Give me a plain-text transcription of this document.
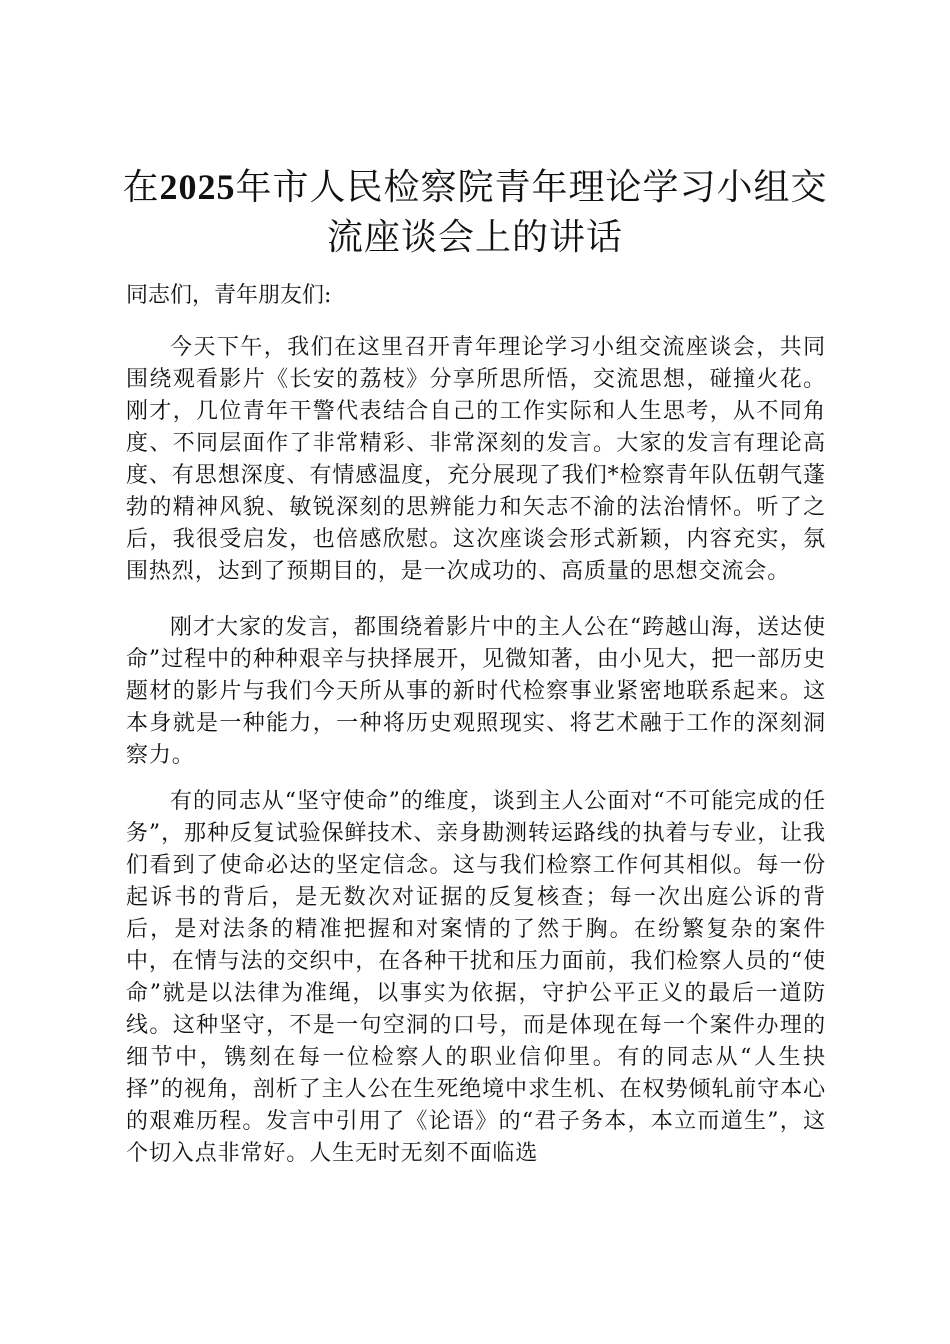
在2025年市人民检察院青年理论学习小组交
流座谈会上的讲话

同志们，青年朋友们:

今天下午，我们在这里召开青年理论学习小组交流座谈会，共同围绕观看影片《长安的荔枝》分享所思所悟，交流思想，碰撞火花。刚才，几位青年干警代表结合自己的工作实际和人生思考，从不同角度、不同层面作了非常精彩、非常深刻的发言。大家的发言有理论高度、有思想深度、有情感温度，充分展现了我们*检察青年队伍朝气蓬勃的精神风貌、敏锐深刻的思辨能力和矢志不渝的法治情怀。听了之后，我很受启发，也倍感欣慰。这次座谈会形式新颖，内容充实，氛围热烈，达到了预期目的，是一次成功的、高质量的思想交流会。

刚才大家的发言，都围绕着影片中的主人公在“跨越山海，送达使命”过程中的种种艰辛与抉择展开，见微知著，由小见大，把一部历史题材的影片与我们今天所从事的新时代检察事业紧密地联系起来。这本身就是一种能力，一种将历史观照现实、将艺术融于工作的深刻洞察力。

有的同志从“坚守使命”的维度，谈到主人公面对“不可能完成的任务”，那种反复试验保鲜技术、亲身勘测转运路线的执着与专业，让我们看到了使命必达的坚定信念。这与我们检察工作何其相似。每一份起诉书的背后，是无数次对证据的反复核查；每一次出庭公诉的背后，是对法条的精准把握和对案情的了然于胸。在纷繁复杂的案件中，在情与法的交织中，在各种干扰和压力面前，我们检察人员的“使命”就是以法律为准绳，以事实为依据，守护公平正义的最后一道防线。这种坚守，不是一句空洞的口号，而是体现在每一个案件办理的细节中，镌刻在每一位检察人的职业信仰里。有的同志从“人生抉择”的视角，剖析了主人公在生死绝境中求生机、在权势倾轧前守本心的艰难历程。发言中引用了《论语》的“君子务本，本立而道生”，这个切入点非常好。人生无时无刻不面临选
